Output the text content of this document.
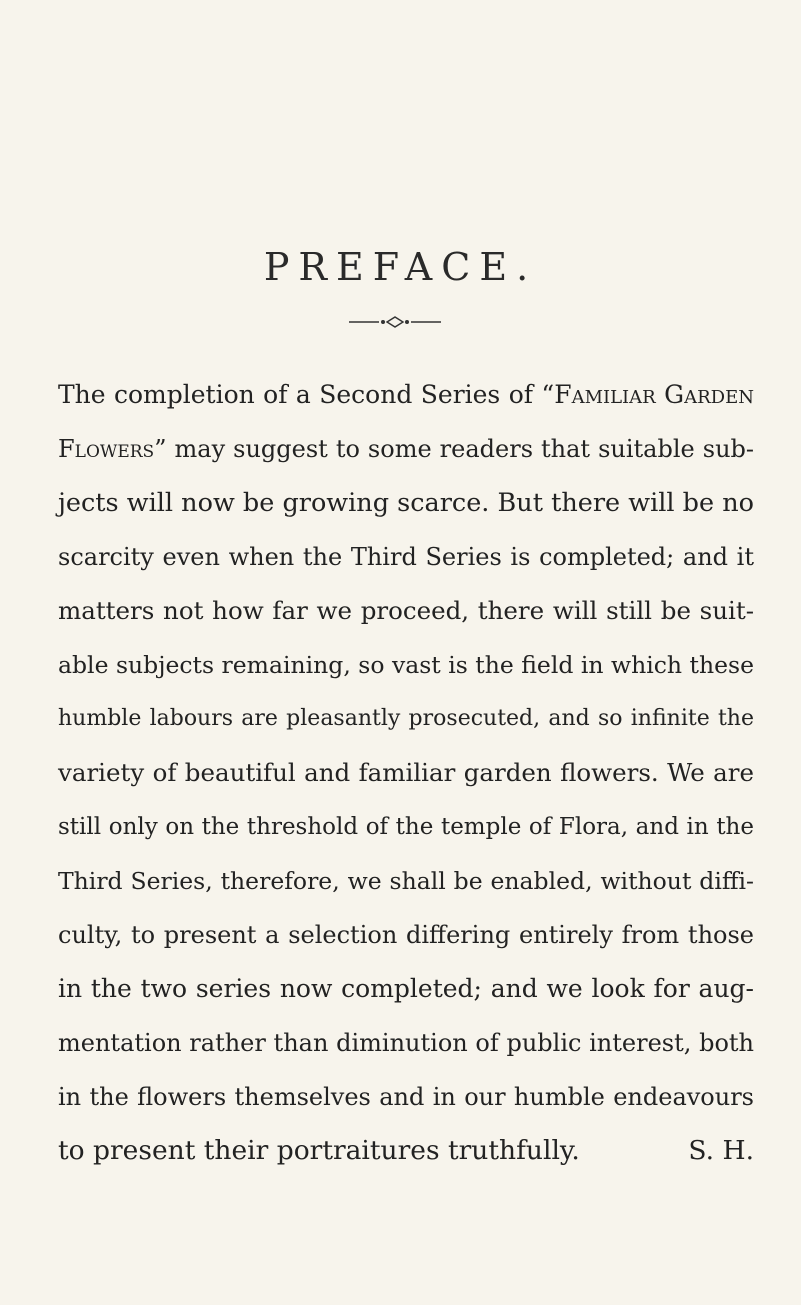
PREFACE.
The completion of a Second Series of “Familiar Garden
Flowers” may suggest to some readers that suitable sub-
jects will now be growing scarce. But there will be no
scarcity even when the Third Series is completed; and it
matters not how far we proceed, there will still be suit-
able subjects remaining, so vast is the field in which these
humble labours are pleasantly prosecuted, and so infinite the
variety of beautiful and familiar garden flowers. We are
still only on the threshold of the temple of Flora, and in the
Third Series, therefore, we shall be enabled, without diffi-
culty, to present a selection differing entirely from those
in the two series now completed; and we look for aug-
mentation rather than diminution of public interest, both
in the flowers themselves and in our humble endeavours
to present their portraitures truthfully.	S. H.
